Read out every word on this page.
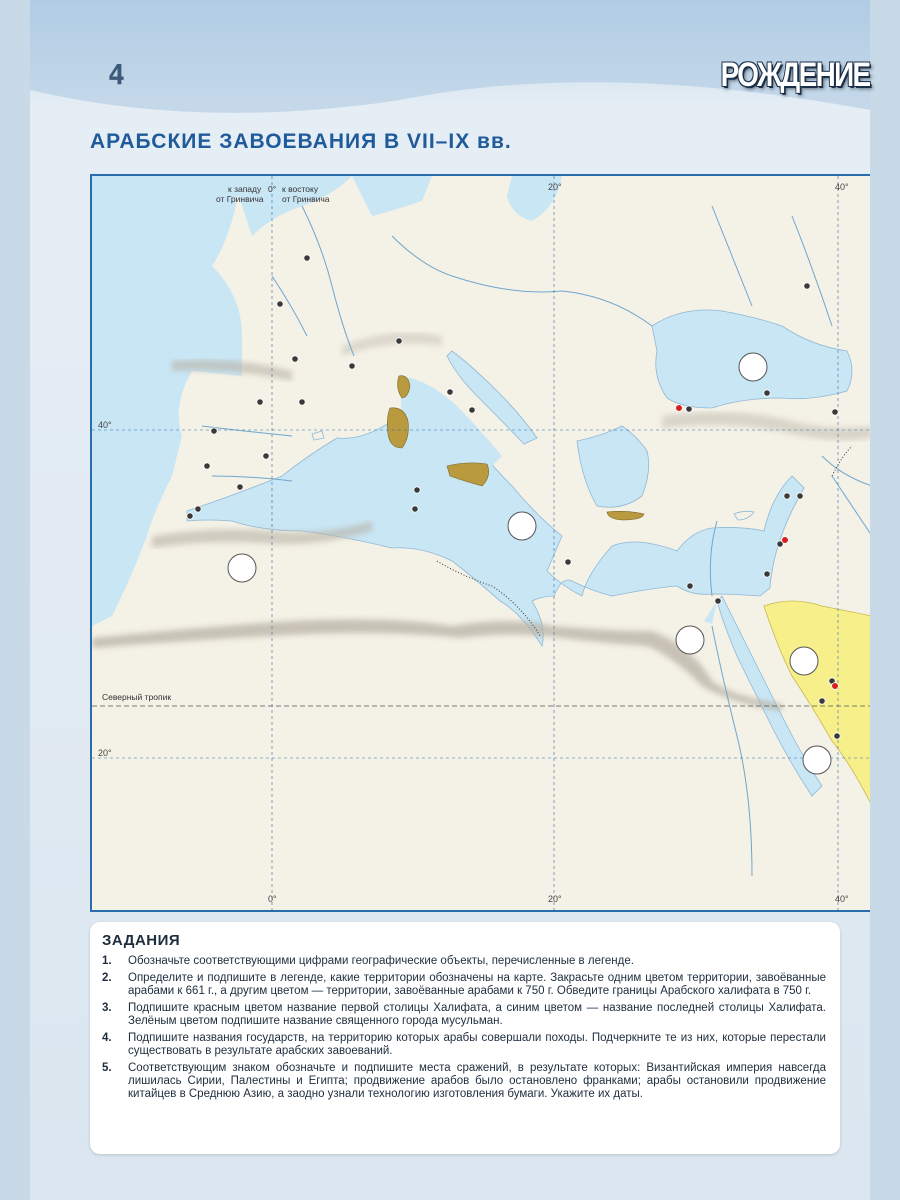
4	РОЖДЕНИЕ
АРАБСКИЕ ЗАВОЕВАНИЯ В VII–IX вв.
20°	40°
0°	20°	40°
40°
20°
к западу
от Гринвича
0° к востоку
от Гринвича
Северный тропик
ЗАДАНИЯ
1.	Обозначьте соответствующими цифрами географические объекты, перечисленные в легенде.
2.	Определите и подпишите в легенде, какие территории обозначены на карте. Закрасьте одним цветом территории, завоёванные арабами к 661 г., а другим цветом — территории, завоёванные арабами к 750 г. Обведите границы Арабского халифата в 750 г.
3.	Подпишите красным цветом название первой столицы Халифата, а синим цветом — название последней столицы Халифата. Зелёным цветом подпишите название священного города мусульман.
4.	Подпишите названия государств, на территорию которых арабы совершали походы. Подчеркните те из них, которые перестали существовать в результате арабских завоеваний.
5.	Соответствующим знаком обозначьте и подпишите места сражений, в результате которых: Византийская империя навсегда лишилась Сирии, Палестины и Египта; продвижение арабов было остановлено франками; арабы остановили продвижение китайцев в Среднюю Азию, а заодно узнали технологию изготовления бумаги. Укажите их даты.
